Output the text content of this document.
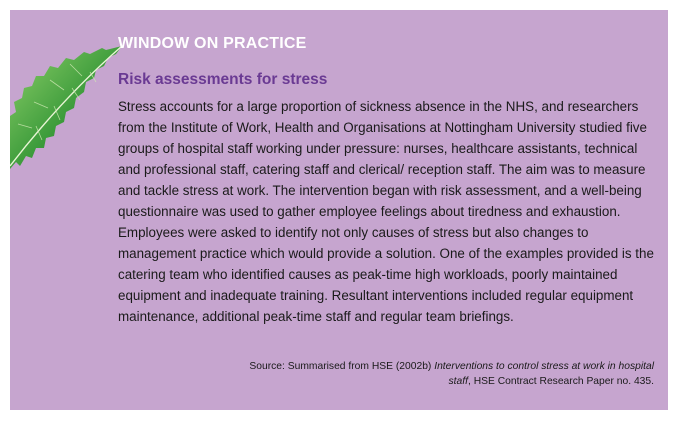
WINDOW ON PRACTICE
Risk assessments for stress

Stress accounts for a large proportion of sickness absence in the NHS, and researchers from the Institute of Work, Health and Organisations at Nottingham University studied five groups of hospital staff working under pressure: nurses, healthcare assistants, technical and professional staff, catering staff and clerical/ reception staff. The aim was to measure and tackle stress at work. The intervention began with risk assessment, and a well-being questionnaire was used to gather employee feelings about tiredness and exhaustion. Employees were asked to identify not only causes of stress but also changes to management practice which would provide a solution. One of the examples provided is the catering team who identified causes as peak-time high workloads, poorly maintained equipment and inadequate training. Resultant interventions included regular equipment maintenance, additional peak-time staff and regular team briefings.

Source: Summarised from HSE (2002b) Interventions to control stress at work in hospital staff, HSE Contract Research Paper no. 435.
